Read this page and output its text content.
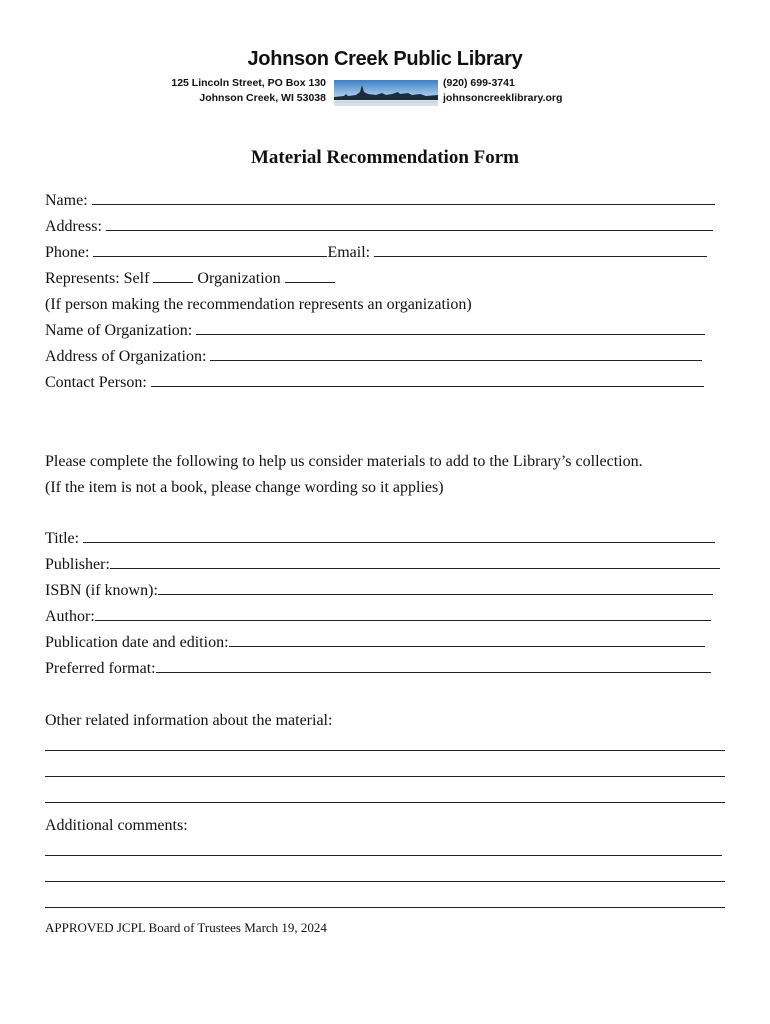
Johnson Creek Public Library
125 Lincoln Street, PO Box 130
Johnson Creek, WI 53038
(920) 699-3741
johnsoncreeklibrary.org
Material Recommendation Form
Name:
Address:
Phone:	Email:
Represents: Self	Organization
(If person making the recommendation represents an organization)
Name of Organization:
Address of Organization:
Contact Person:
Please complete the following to help us consider materials to add to the Library’s collection.
(If the item is not a book, please change wording so it applies)
Title:
Publisher:
ISBN (if known):
Author:
Publication date and edition:
Preferred format:
Other related information about the material:
Additional comments:
APPROVED JCPL Board of Trustees March 19, 2024
